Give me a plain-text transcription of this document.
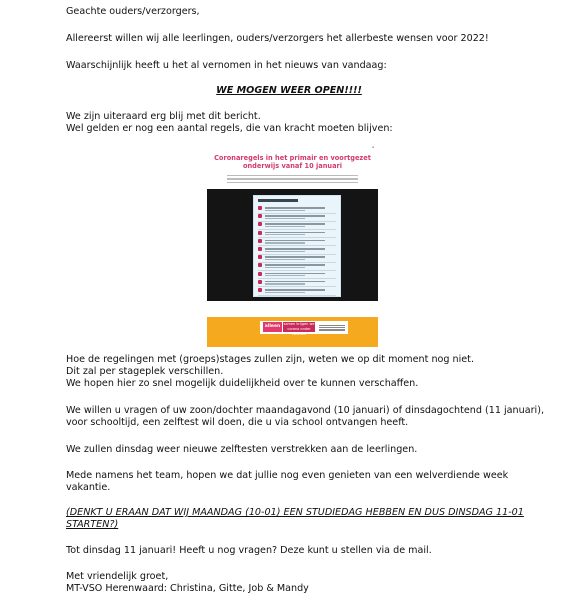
Geachte ouders/verzorgers,

Allereerst willen wij alle leerlingen, ouders/verzorgers het allerbeste wensen voor 2022!

Waarschijnlijk heeft u het al vernomen in het nieuws van vandaag:

WE MOGEN WEER OPEN!!!!

We zijn uiteraard erg blij met dit bericht.

Wel gelden er nog een aantal regels, die van kracht moeten blijven:

▪
Coronaregels in het primair en voortgezet
onderwijs vanaf 10 januari
alleen samen krijgen we
corona onder controle

Hoe de regelingen met (groeps)stages zullen zijn, weten we op dit moment nog niet.

Dit zal per stageplek verschillen.

We hopen hier zo snel mogelijk duidelijkheid over te kunnen verschaffen.

We willen u vragen of uw zoon/dochter maandagavond (10 januari) of dinsdagochtend (11 januari),

voor schooltijd, een zelftest wil doen, die u via school ontvangen heeft.

We zullen dinsdag weer nieuwe zelftesten verstrekken aan de leerlingen.

Mede namens het team, hopen we dat jullie nog even genieten van een welverdiende week

vakantie.

(DENKT U ERAAN DAT WIJ MAANDAG (10-01) EEN STUDIEDAG HEBBEN EN DUS DINSDAG 11-01

STARTEN?)

Tot dinsdag 11 januari! Heeft u nog vragen? Deze kunt u stellen via de mail.

Met vriendelijk groet,

MT-VSO Herenwaard: Christina, Gitte, Job & Mandy
